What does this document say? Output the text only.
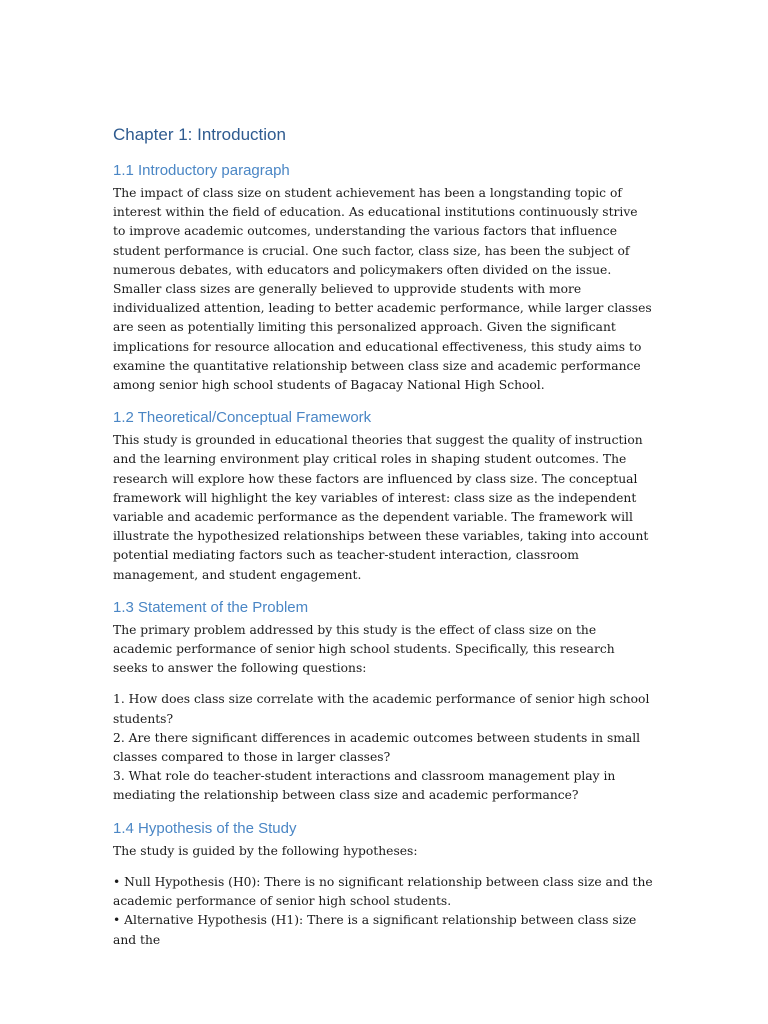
Chapter 1: Introduction
1.1 Introductory paragraph

The impact of class size on student achievement has been a longstanding topic of interest within the field of education. As educational institutions continuously strive to improve academic outcomes, understanding the various factors that influence student performance is crucial. One such factor, class size, has been the subject of numerous debates, with educators and policymakers often divided on the issue. Smaller class sizes are generally believed to upprovide students with more individualized attention, leading to better academic performance, while larger classes are seen as potentially limiting this personalized approach. Given the significant implications for resource allocation and educational effectiveness, this study aims to examine the quantitative relationship between class size and academic performance among senior high school students of Bagacay National High School.

1.2 Theoretical/Conceptual Framework

This study is grounded in educational theories that suggest the quality of instruction and the learning environment play critical roles in shaping student outcomes. The research will explore how these factors are influenced by class size. The conceptual framework will highlight the key variables of interest: class size as the independent variable and academic performance as the dependent variable. The framework will illustrate the hypothesized relationships between these variables, taking into account potential mediating factors such as teacher-student interaction, classroom management, and student engagement.

1.3 Statement of the Problem

The primary problem addressed by this study is the effect of class size on the academic performance of senior high school students. Specifically, this research seeks to answer the following questions:

1. How does class size correlate with the academic performance of senior high school students?

2. Are there significant differences in academic outcomes between students in small classes compared to those in larger classes?

3. What role do teacher-student interactions and classroom management play in mediating the relationship between class size and academic performance?

1.4 Hypothesis of the Study

The study is guided by the following hypotheses:

• Null Hypothesis (H0): There is no significant relationship between class size and the academic performance of senior high school students.

• Alternative Hypothesis (H1): There is a significant relationship between class size and the
